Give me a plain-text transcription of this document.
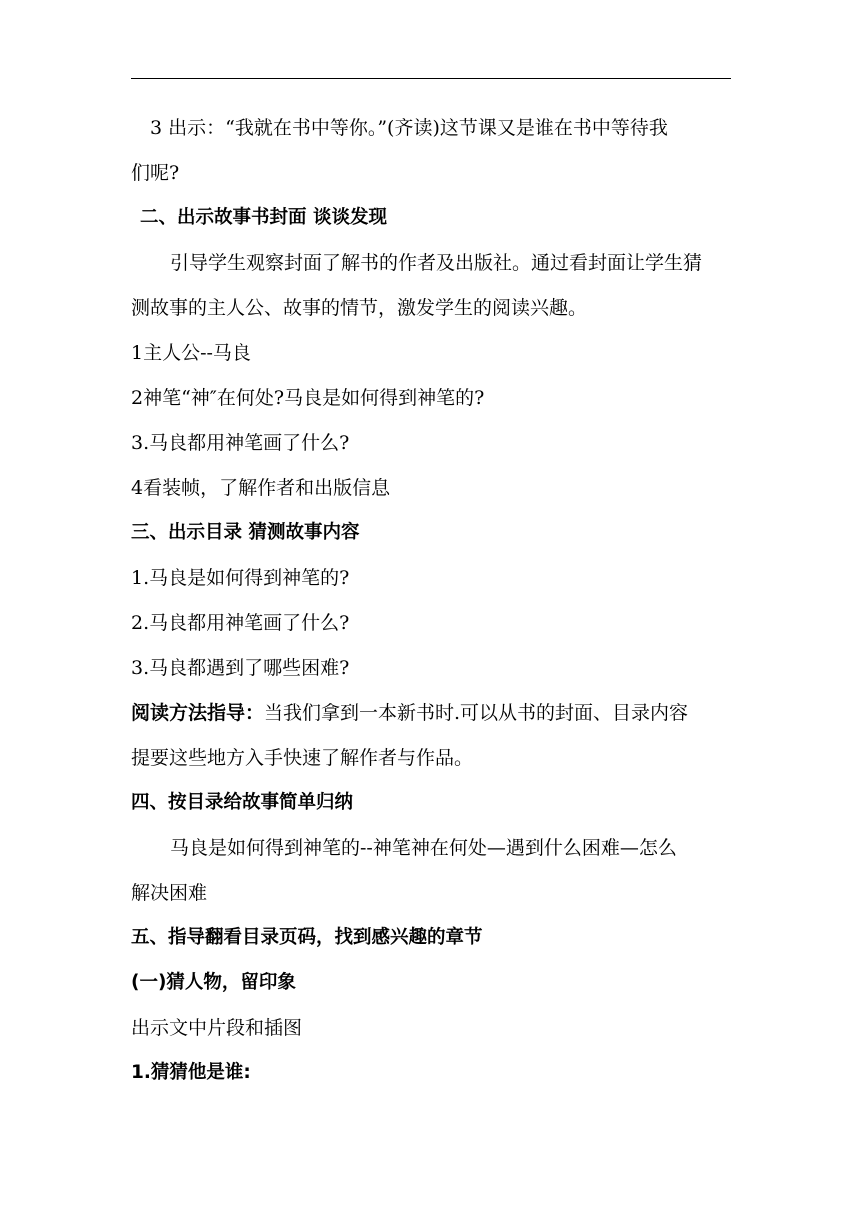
3 出示：“我就在书中等你。”(齐读)这节课又是谁在书中等待我
们呢?
二、出示故事书封面 谈谈发现
引导学生观察封面了解书的作者及出版社。通过看封面让学生猜
测故事的主人公、故事的情节，激发学生的阅读兴趣。
1主人公--马良
2神笔“神″在何处?马良是如何得到神笔的?
3.马良都用神笔画了什么?
4看装帧，了解作者和出版信息
三、出示目录 猜测故事内容
1.马良是如何得到神笔的?
2.马良都用神笔画了什么?
3.马良都遇到了哪些困难?
阅读方法指导：当我们拿到一本新书时.可以从书的封面、目录内容
提要这些地方入手快速了解作者与作品。
四、按目录给故事简单归纳
马良是如何得到神笔的--神笔神在何处—遇到什么困难—怎么
解决困难
五、指导翻看目录页码，找到感兴趣的章节
(一)猜人物，留印象
出示文中片段和插图
1.猜猜他是谁:
